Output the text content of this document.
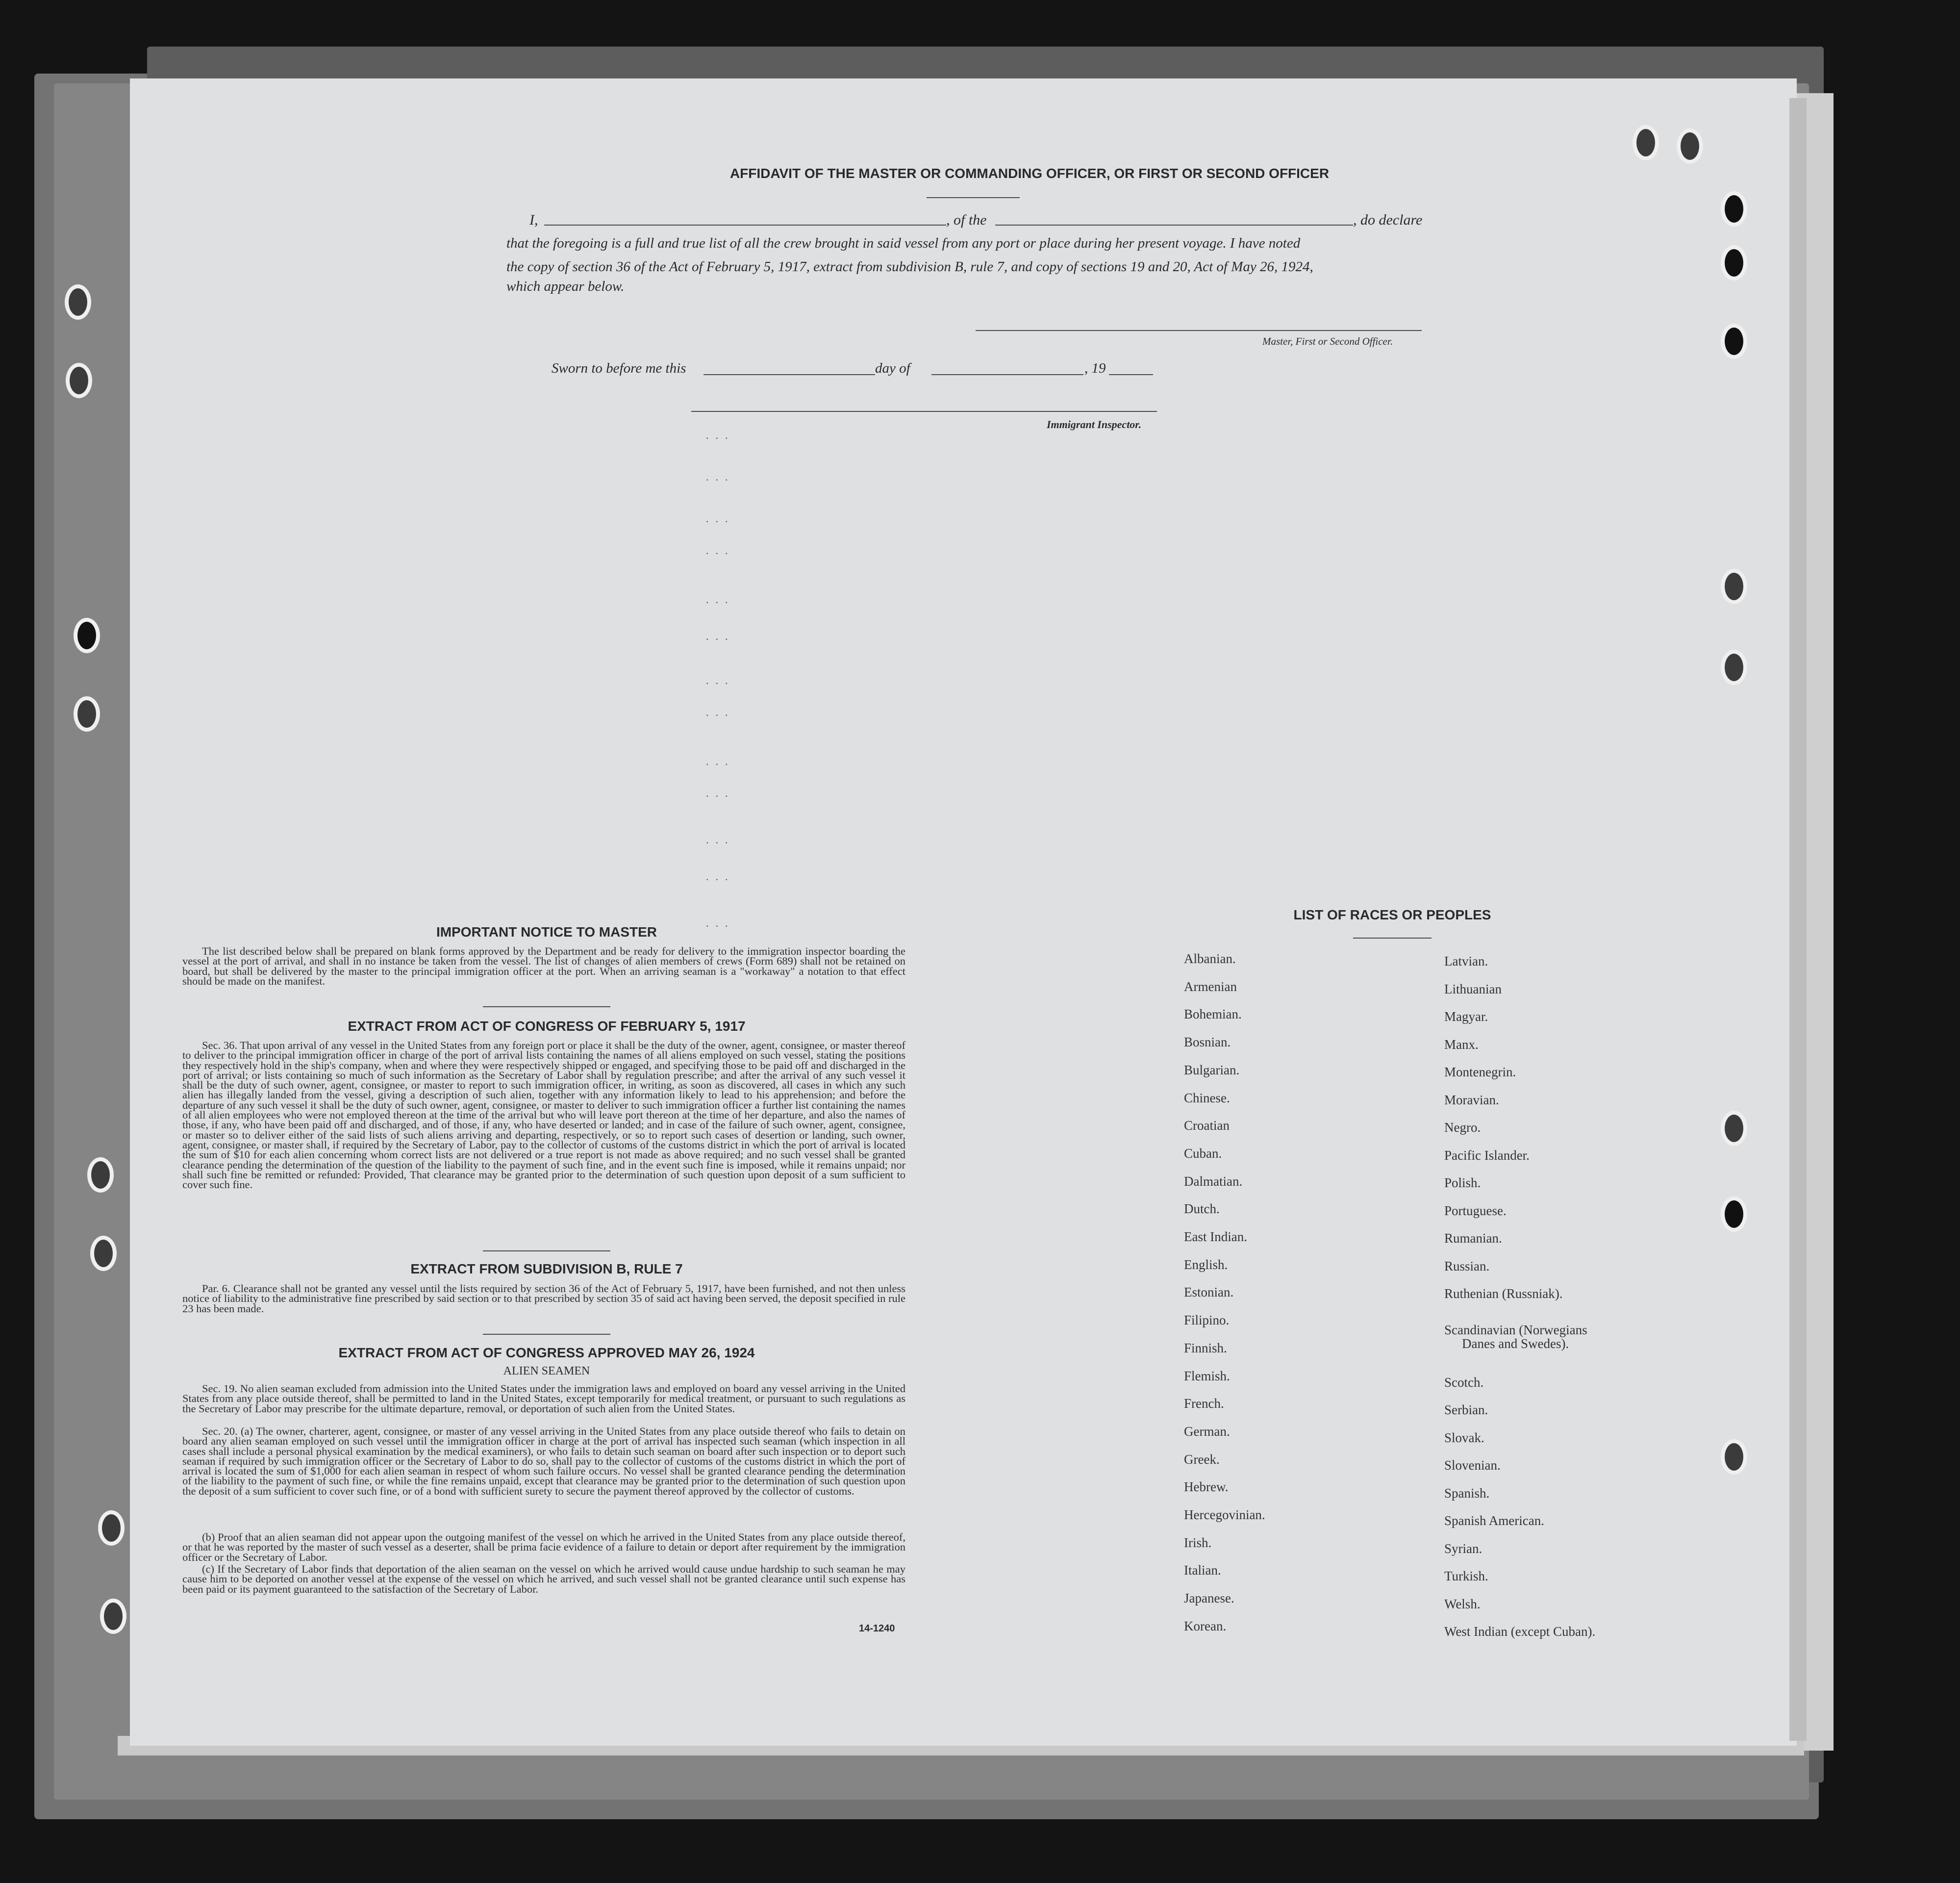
AFFIDAVIT OF THE MASTER OR COMMANDING OFFICER, OR FIRST OR SECOND OFFICER
I,	, of the	, do declare
that the foregoing is a full and true list of all the crew brought in said vessel from any port or place during her present voyage. I have noted
the copy of section 36 of the Act of February 5, 1917, extract from subdivision B, rule 7, and copy of sections 19 and 20, Act of May 26, 1924,
which appear below.
Master, First or Second Officer.
Sworn to before me this	day of	, 19
Immigrant Inspector.
...
...
...
...
...
...
...
...
...
...
...
...
...
IMPORTANT NOTICE TO MASTER
The list described below shall be prepared on blank forms approved by the Department and be ready for delivery to the immigration inspector boarding the vessel at the port of arrival, and shall in no instance be taken from the vessel. The list of changes of alien members of crews (Form 689) shall not be retained on board, but shall be delivered by the master to the principal immigration officer at the port. When an arriving seaman is a "workaway" a notation to that effect should be made on the manifest.
EXTRACT FROM ACT OF CONGRESS OF FEBRUARY 5, 1917
Sec. 36. That upon arrival of any vessel in the United States from any foreign port or place it shall be the duty of the owner, agent, consignee, or master thereof to deliver to the principal immigration officer in charge of the port of arrival lists containing the names of all aliens employed on such vessel, stating the positions they respectively hold in the ship's company, when and where they were respectively shipped or engaged, and specifying those to be paid off and discharged in the port of arrival; or lists containing so much of such information as the Secretary of Labor shall by regulation prescribe; and after the arrival of any such vessel it shall be the duty of such owner, agent, consignee, or master to report to such immigration officer, in writing, as soon as discovered, all cases in which any such alien has illegally landed from the vessel, giving a description of such alien, together with any information likely to lead to his apprehension; and before the departure of any such vessel it shall be the duty of such owner, agent, consignee, or master to deliver to such immigration officer a further list containing the names of all alien employees who were not employed thereon at the time of the arrival but who will leave port thereon at the time of her departure, and also the names of those, if any, who have been paid off and discharged, and of those, if any, who have deserted or landed; and in case of the failure of such owner, agent, consignee, or master so to deliver either of the said lists of such aliens arriving and departing, respectively, or so to report such cases of desertion or landing, such owner, agent, consignee, or master shall, if required by the Secretary of Labor, pay to the collector of customs of the customs district in which the port of arrival is located the sum of $10 for each alien concerning whom correct lists are not delivered or a true report is not made as above required; and no such vessel shall be granted clearance pending the determination of the question of the liability to the payment of such fine, and in the event such fine is imposed, while it remains unpaid; nor shall such fine be remitted or refunded: Provided, That clearance may be granted prior to the determination of such question upon deposit of a sum sufficient to cover such fine.
EXTRACT FROM SUBDIVISION B, RULE 7
Par. 6. Clearance shall not be granted any vessel until the lists required by section 36 of the Act of February 5, 1917, have been furnished, and not then unless notice of liability to the administrative fine prescribed by said section or to that prescribed by section 35 of said act having been served, the deposit specified in rule 23 has been made.
EXTRACT FROM ACT OF CONGRESS APPROVED MAY 26, 1924
ALIEN SEAMEN
Sec. 19. No alien seaman excluded from admission into the United States under the immigration laws and employed on board any vessel arriving in the United States from any place outside thereof, shall be permitted to land in the United States, except temporarily for medical treatment, or pursuant to such regulations as the Secretary of Labor may prescribe for the ultimate departure, removal, or deportation of such alien from the United States.
Sec. 20. (a) The owner, charterer, agent, consignee, or master of any vessel arriving in the United States from any place outside thereof who fails to detain on board any alien seaman employed on such vessel until the immigration officer in charge at the port of arrival has inspected such seaman (which inspection in all cases shall include a personal physical examination by the medical examiners), or who fails to detain such seaman on board after such inspection or to deport such seaman if required by such immigration officer or the Secretary of Labor to do so, shall pay to the collector of customs of the customs district in which the port of arrival is located the sum of $1,000 for each alien seaman in respect of whom such failure occurs. No vessel shall be granted clearance pending the determination of the liability to the payment of such fine, or while the fine remains unpaid, except that clearance may be granted prior to the determination of such question upon the deposit of a sum sufficient to cover such fine, or of a bond with sufficient surety to secure the payment thereof approved by the collector of customs.
(b) Proof that an alien seaman did not appear upon the outgoing manifest of the vessel on which he arrived in the United States from any place outside thereof, or that he was reported by the master of such vessel as a deserter, shall be prima facie evidence of a failure to detain or deport after requirement by the immigration officer or the Secretary of Labor.
(c) If the Secretary of Labor finds that deportation of the alien seaman on the vessel on which he arrived would cause undue hardship to such seaman he may cause him to be deported on another vessel at the expense of the vessel on which he arrived, and such vessel shall not be granted clearance until such expense has been paid or its payment guaranteed to the satisfaction of the Secretary of Labor.
14-1240
LIST OF RACES OR PEOPLES
Albanian.
Armenian
Bohemian.
Bosnian.
Bulgarian.
Chinese.
Croatian
Cuban.
Dalmatian.
Dutch.
East Indian.
English.
Estonian.
Filipino.
Finnish.
Flemish.
French.
German.
Greek.
Hebrew.
Hercegovinian.
Irish.
Italian.
Japanese.
Korean.
Latvian.
Lithuanian
Magyar.
Manx.
Montenegrin.
Moravian.
Negro.
Pacific Islander.
Polish.
Portuguese.
Rumanian.
Russian.
Ruthenian (Russniak).
Scandinavian (Norwegians
Danes and Swedes).
Scotch.
Serbian.
Slovak.
Slovenian.
Spanish.
Spanish American.
Syrian.
Turkish.
Welsh.
West Indian (except Cuban).
